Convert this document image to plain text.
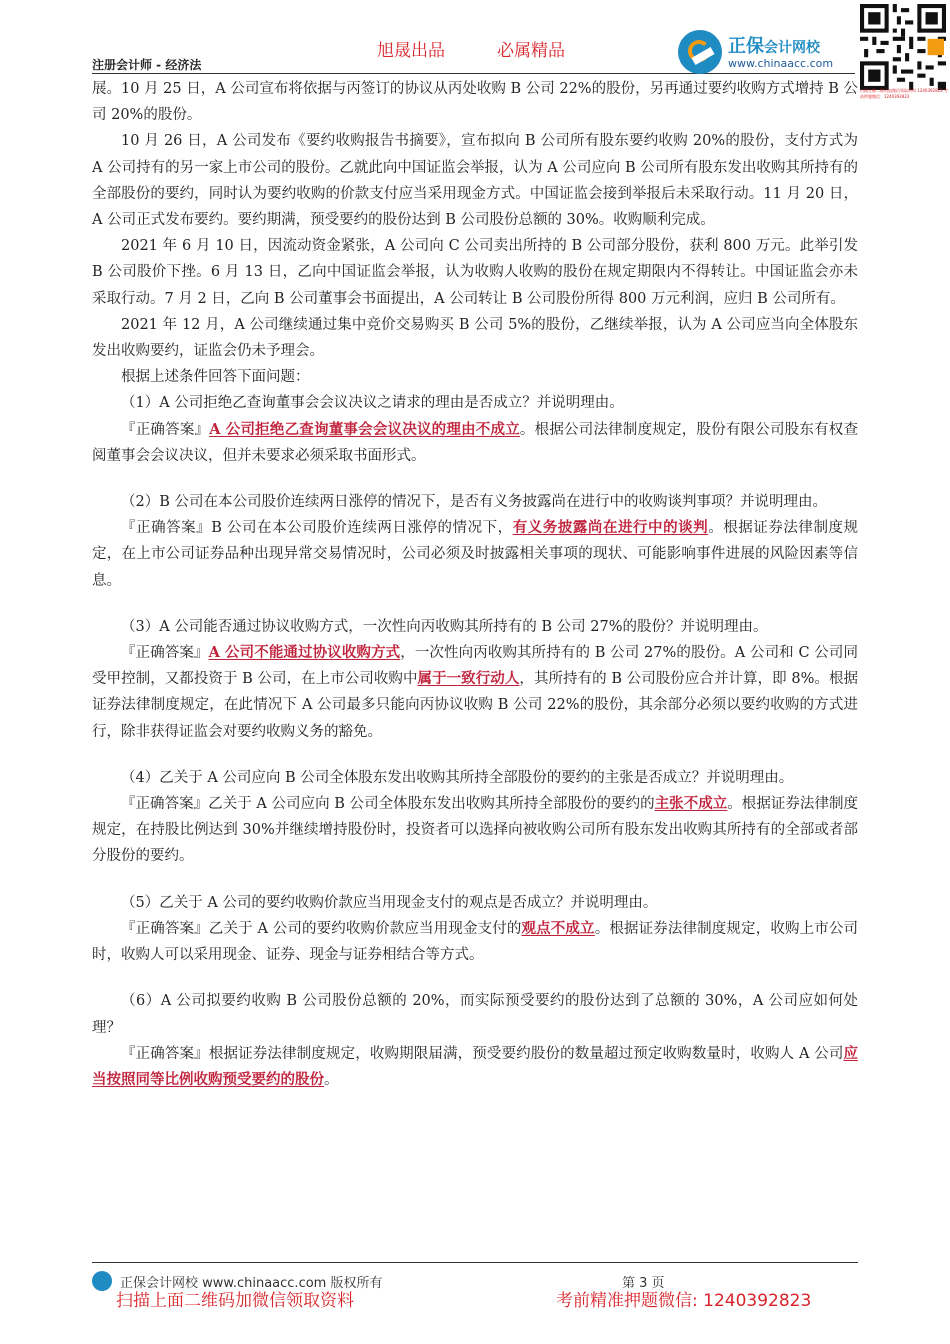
旭晟出品	必属精品
注册会计师 - 经济法
正保会计网校
www.chinaacc.com
扫描左侧二维码加微信领取资料 1240392823 考前押题微信：1240392823

展。10 月 25 日，A 公司宣布将依据与丙签订的协议从丙处收购 B 公司 22%的股份，另再通过要约收购方式增持 B 公司 20%的股份。

10 月 26 日，A 公司发布《要约收购报告书摘要》，宣布拟向 B 公司所有股东要约收购 20%的股份，支付方式为 A 公司持有的另一家上市公司的股份。乙就此向中国证监会举报，认为 A 公司应向 B 公司所有股东发出收购其所持有的全部股份的要约，同时认为要约收购的价款支付应当采用现金方式。中国证监会接到举报后未采取行动。11 月 20 日，A 公司正式发布要约。要约期满，预受要约的股份达到 B 公司股份总额的 30%。收购顺利完成。

2021 年 6 月 10 日，因流动资金紧张，A 公司向 C 公司卖出所持的 B 公司部分股份，获利 800 万元。此举引发 B 公司股价下挫。6 月 13 日，乙向中国证监会举报，认为收购人收购的股份在规定期限内不得转让。中国证监会亦未采取行动。7 月 2 日，乙向 B 公司董事会书面提出，A 公司转让 B 公司股份所得 800 万元利润，应归 B 公司所有。

2021 年 12 月，A 公司继续通过集中竞价交易购买 B 公司 5%的股份，乙继续举报，认为 A 公司应当向全体股东发出收购要约，证监会仍未予理会。

根据上述条件回答下面问题：

（1）A 公司拒绝乙查询董事会会议决议之请求的理由是否成立？并说明理由。

『正确答案』A 公司拒绝乙查询董事会会议决议的理由不成立。根据公司法律制度规定，股份有限公司股东有权查阅董事会会议决议，但并未要求必须采取书面形式。

（2）B 公司在本公司股价连续两日涨停的情况下，是否有义务披露尚在进行中的收购谈判事项？并说明理由。

『正确答案』B 公司在本公司股价连续两日涨停的情况下，有义务披露尚在进行中的谈判。根据证券法律制度规定，在上市公司证券品种出现异常交易情况时，公司必须及时披露相关事项的现状、可能影响事件进展的风险因素等信息。

（3）A 公司能否通过协议收购方式，一次性向丙收购其所持有的 B 公司 27%的股份？并说明理由。

『正确答案』A 公司不能通过协议收购方式，一次性向丙收购其所持有的 B 公司 27%的股份。A 公司和 C 公司同受甲控制，又都投资于 B 公司，在上市公司收购中属于一致行动人，其所持有的 B 公司股份应合并计算，即 8%。根据证券法律制度规定，在此情况下 A 公司最多只能向丙协议收购 B 公司 22%的股份，其余部分必须以要约收购的方式进行，除非获得证监会对要约收购义务的豁免。

（4）乙关于 A 公司应向 B 公司全体股东发出收购其所持全部股份的要约的主张是否成立？并说明理由。

『正确答案』乙关于 A 公司应向 B 公司全体股东发出收购其所持全部股份的要约的主张不成立。根据证券法律制度规定，在持股比例达到 30%并继续增持股份时，投资者可以选择向被收购公司所有股东发出收购其所持有的全部或者部分股份的要约。

（5）乙关于 A 公司的要约收购价款应当用现金支付的观点是否成立？并说明理由。

『正确答案』乙关于 A 公司的要约收购价款应当用现金支付的观点不成立。根据证券法律制度规定，收购上市公司时，收购人可以采用现金、证券、现金与证券相结合等方式。

（6）A 公司拟要约收购 B 公司股份总额的 20%，而实际预受要约的股份达到了总额的 30%，A 公司应如何处理？

『正确答案』根据证券法律制度规定，收购期限届满，预受要约股份的数量超过预定收购数量时，收购人 A 公司应当按照同等比例收购预受要约的股份。

正保会计网校 www.chinaacc.com 版权所有	第 3 页
扫描上面二维码加微信领取资料	考前精准押题微信: 1240392823
